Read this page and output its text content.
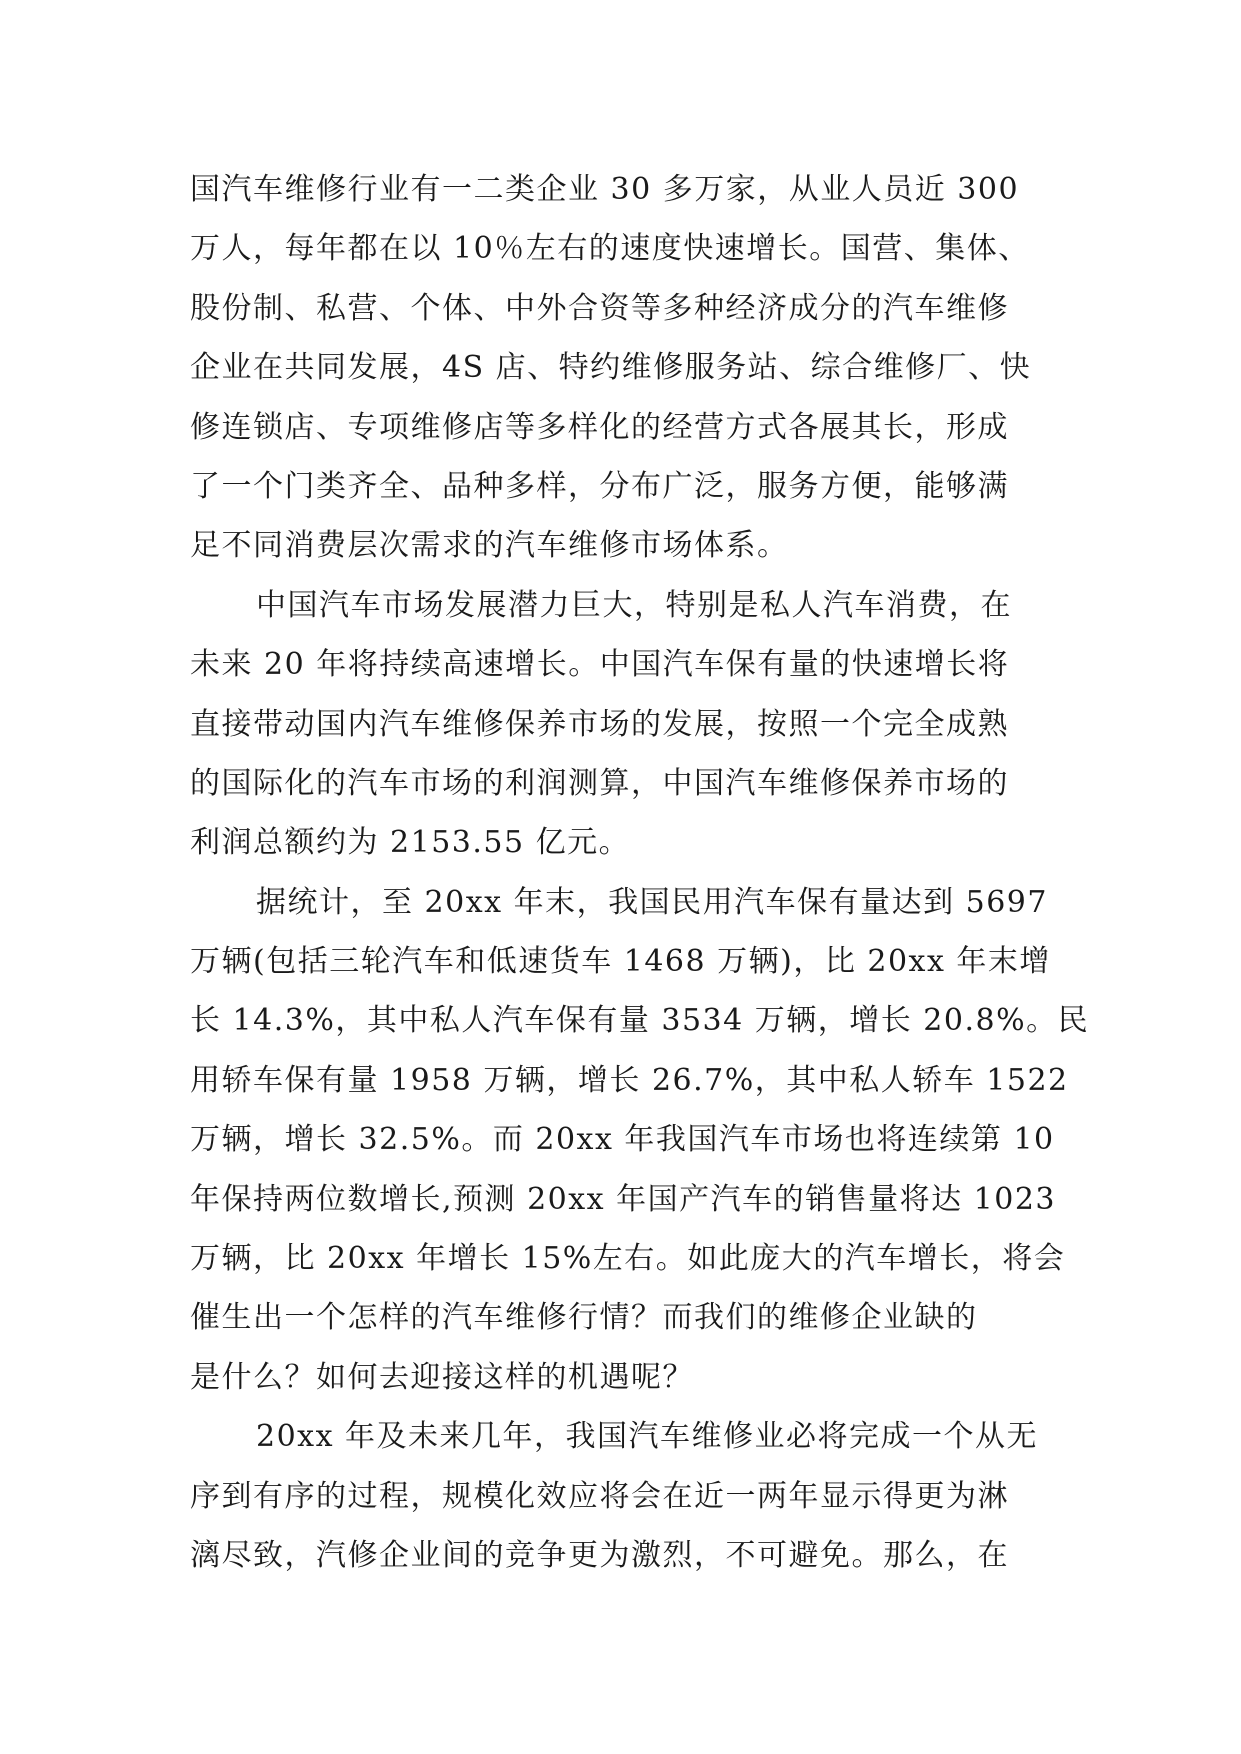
国汽车维修行业有一二类企业 30 多万家，从业人员近 300
万人，每年都在以 10％左右的速度快速增长。国营、集体、
股份制、私营、个体、中外合资等多种经济成分的汽车维修
企业在共同发展，4S 店、特约维修服务站、综合维修厂、快
修连锁店、专项维修店等多样化的经营方式各展其长，形成
了一个门类齐全、品种多样，分布广泛，服务方便，能够满
足不同消费层次需求的汽车维修市场体系。
中国汽车市场发展潜力巨大，特别是私人汽车消费，在
未来 20 年将持续高速增长。中国汽车保有量的快速增长将
直接带动国内汽车维修保养市场的发展，按照一个完全成熟
的国际化的汽车市场的利润测算，中国汽车维修保养市场的
利润总额约为 2153.55 亿元。
据统计，至 20xx 年末，我国民用汽车保有量达到 5697
万辆(包括三轮汽车和低速货车 1468 万辆)，比 20xx 年末增
长 14.3%，其中私人汽车保有量 3534 万辆，增长 20.8%。民
用轿车保有量 1958 万辆，增长 26.7%，其中私人轿车 1522
万辆，增长 32.5%。而 20xx 年我国汽车市场也将连续第 10
年保持两位数增长,预测 20xx 年国产汽车的销售量将达 1023
万辆，比 20xx 年增长 15%左右。如此庞大的汽车增长，将会
催生出一个怎样的汽车维修行情？而我们的维修企业缺的
是什么？如何去迎接这样的机遇呢？
20xx 年及未来几年，我国汽车维修业必将完成一个从无
序到有序的过程，规模化效应将会在近一两年显示得更为淋
漓尽致，汽修企业间的竞争更为激烈，不可避免。那么，在
